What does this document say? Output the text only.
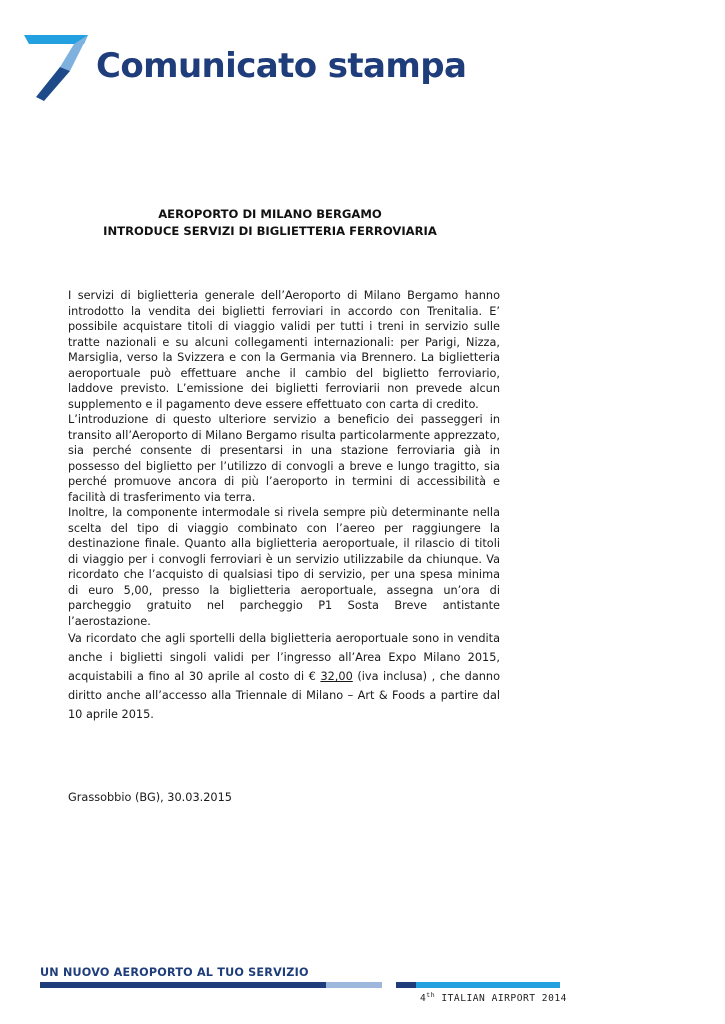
Comunicato stampa
AEROPORTO DI MILANO BERGAMO
INTRODUCE SERVIZI DI BIGLIETTERIA FERROVIARIA

I servizi di biglietteria generale dell’Aeroporto di Milano Bergamo hanno introdotto la vendita dei biglietti ferroviari in accordo con Trenitalia. E’ possibile acquistare titoli di viaggio validi per tutti i treni in servizio sulle tratte nazionali e su alcuni collegamenti internazionali: per Parigi, Nizza, Marsiglia, verso la Svizzera e con la Germania via Brennero. La biglietteria aeroportuale può effettuare anche il cambio del biglietto ferroviario, laddove previsto. L’emissione dei biglietti ferroviarii non prevede alcun supplemento e il pagamento deve essere effettuato con carta di credito.

L’introduzione di questo ulteriore servizio a beneficio dei passeggeri in transito all’Aeroporto di Milano Bergamo risulta particolarmente apprezzato, sia perché consente di presentarsi in una stazione ferroviaria già in possesso del biglietto per l’utilizzo di convogli a breve e lungo tragitto, sia perché promuove ancora di più l’aeroporto in termini di accessibilità e facilità di trasferimento via terra.

Inoltre, la componente intermodale si rivela sempre più determinante nella scelta del tipo di viaggio combinato con l’aereo per raggiungere la destinazione finale. Quanto alla biglietteria aeroportuale, il rilascio di titoli di viaggio per i convogli ferroviari è un servizio utilizzabile da chiunque. Va ricordato che l’acquisto di qualsiasi tipo di servizio, per una spesa minima di euro 5,00, presso la biglietteria aeroportuale, assegna un’ora di parcheggio gratuito nel parcheggio P1 Sosta Breve antistante l’aerostazione.

Va ricordato che agli sportelli della biglietteria aeroportuale sono in vendita anche i biglietti singoli validi per l’ingresso all’Area Expo Milano 2015, acquistabili a fino al 30 aprile al costo di € 32,00 (iva inclusa) , che danno diritto anche all’accesso alla Triennale di Milano – Art & Foods a partire dal 10 aprile 2015.

Grassobbio (BG), 30.03.2015

UN NUOVO AEROPORTO AL TUO SERVIZIO

4th ITALIAN AIRPORT 2014
